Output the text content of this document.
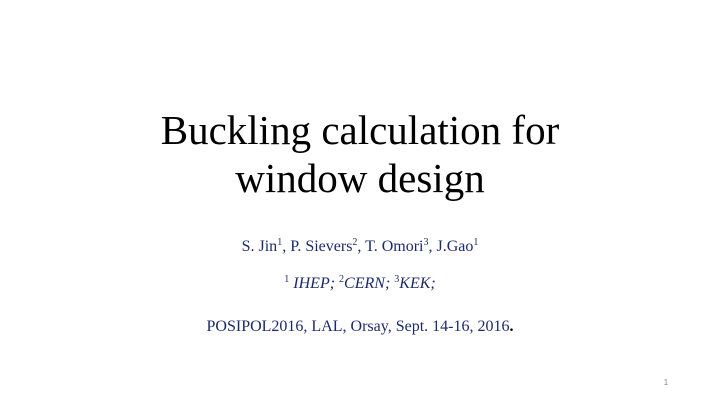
Buckling calculation for
window design
S. Jin$^1$, P. Sievers$^2$, T. Omori$^3$, J.Gao$^1$
$^1$ IHEP; $^2$CERN; $^3$KEK;
POSIPOL2016, LAL, Orsay, Sept. 14-16, 2016.
1
